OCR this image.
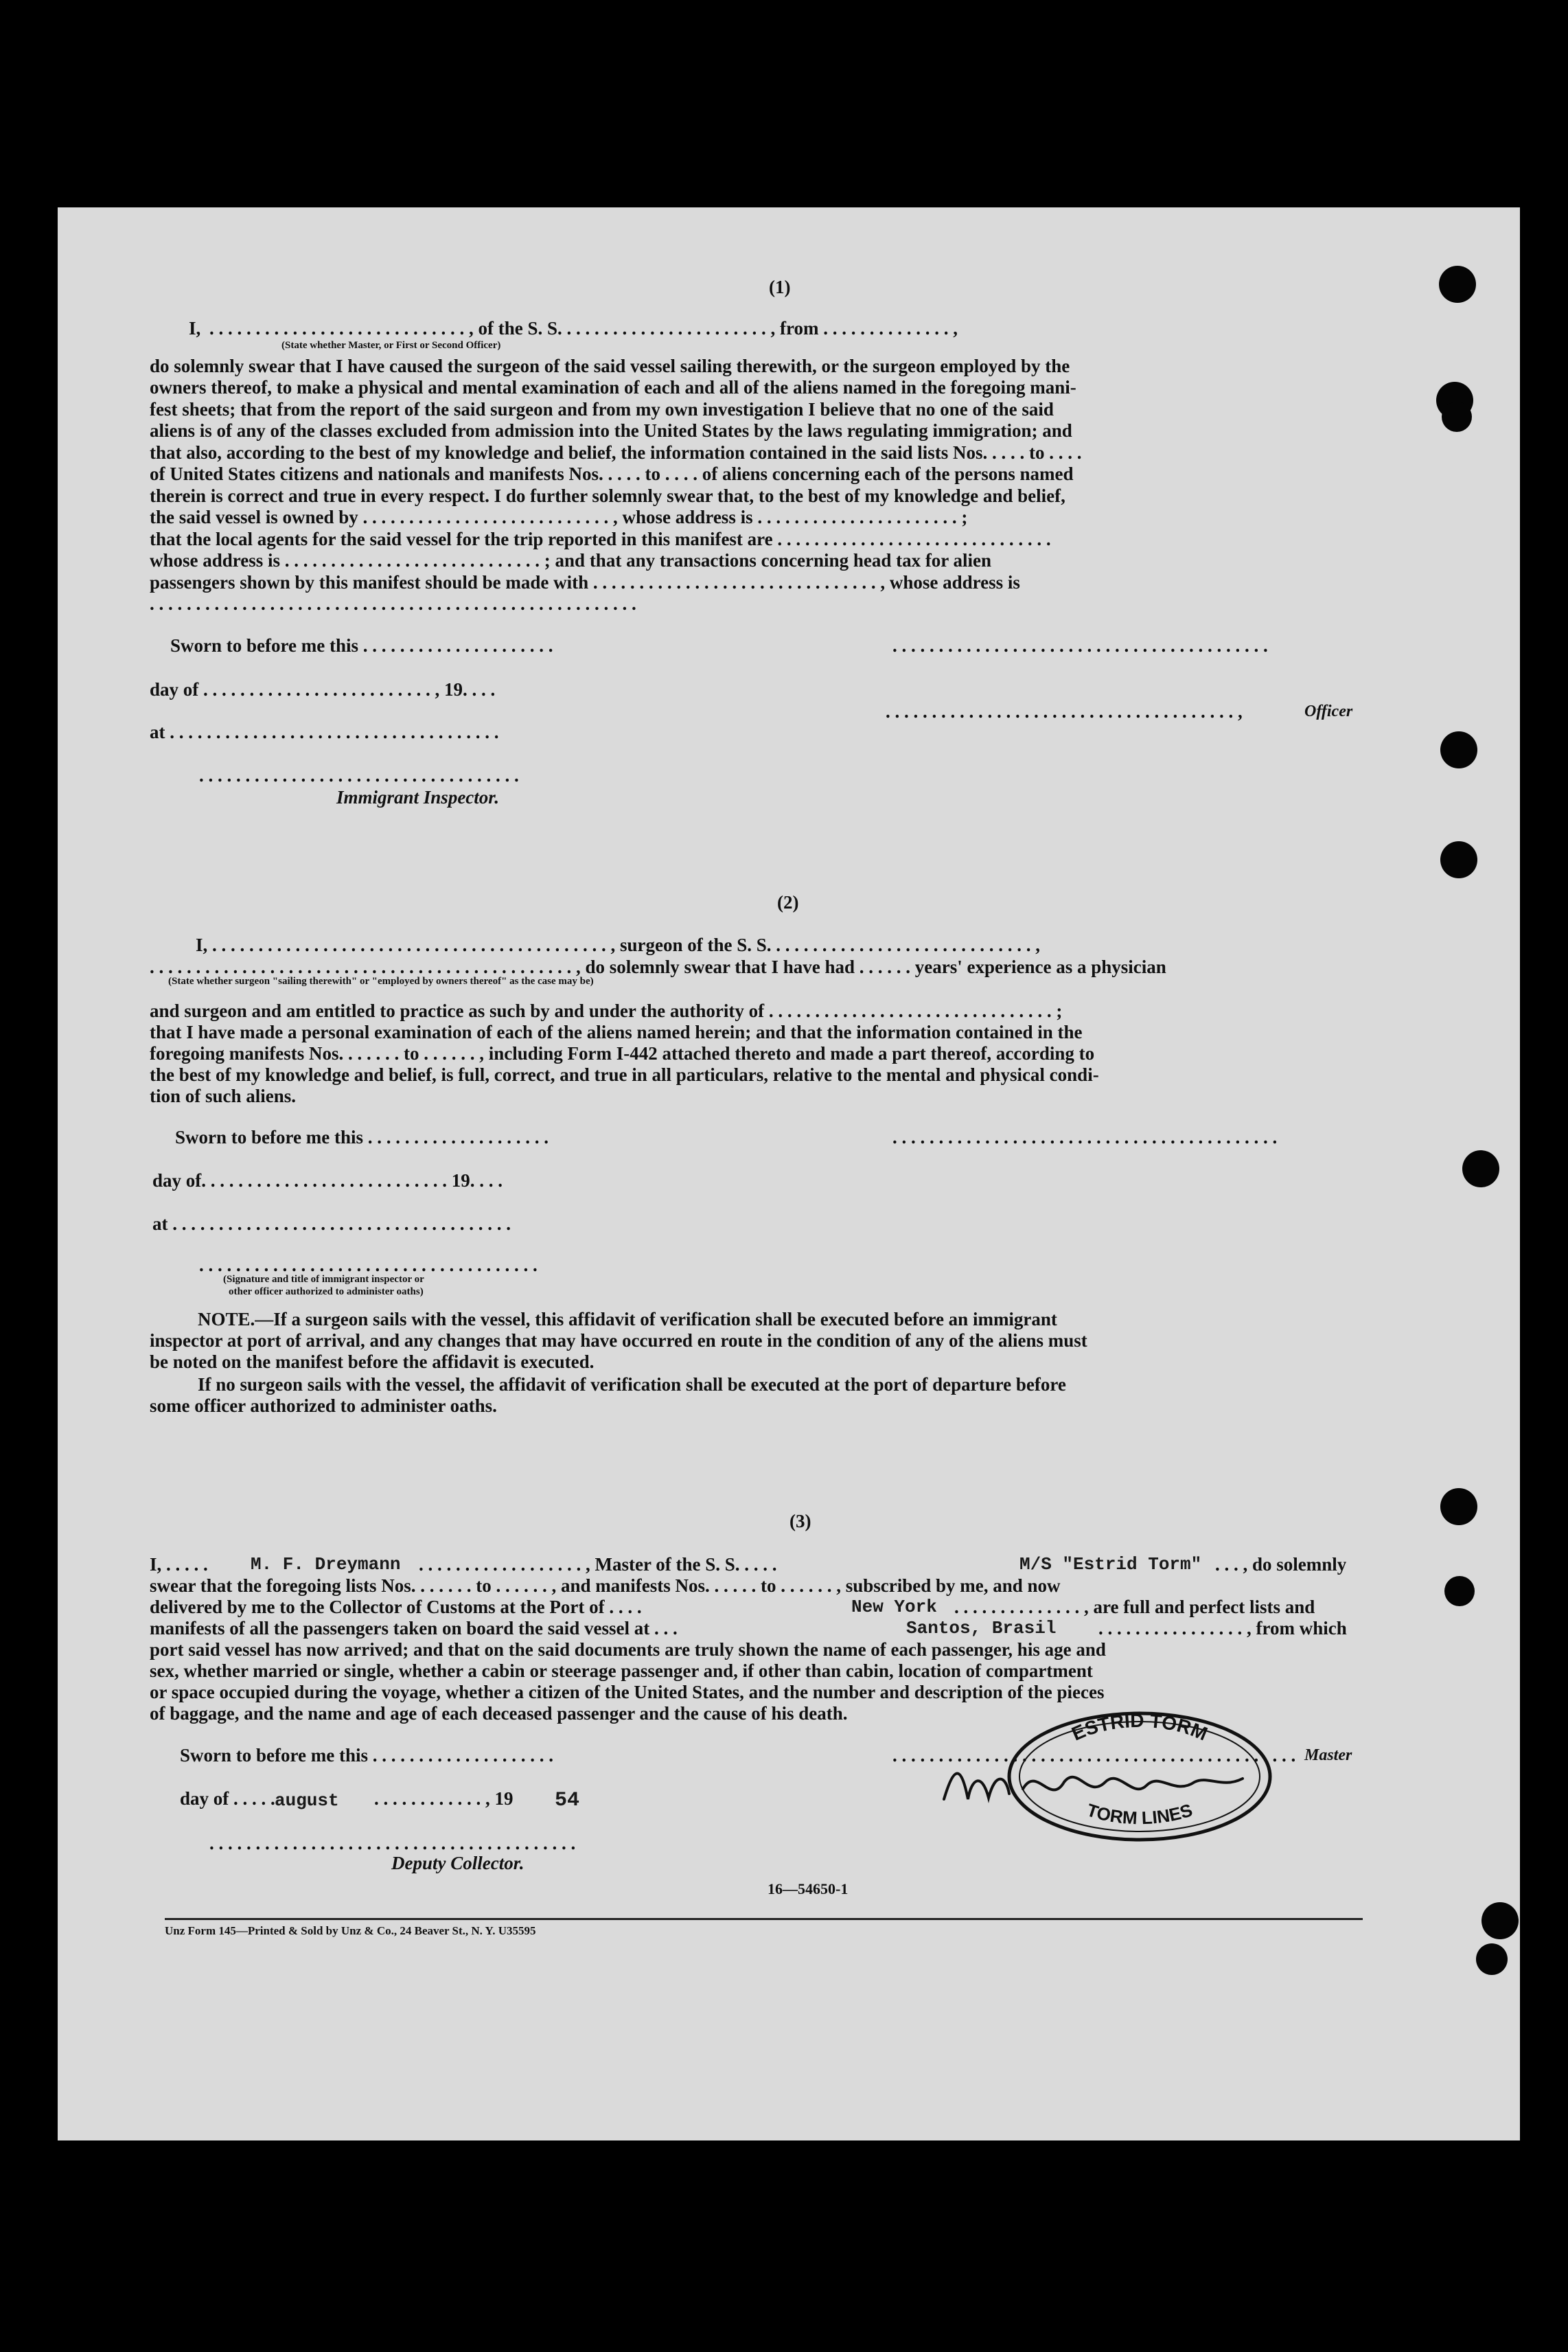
(1)
I, . . . . . . . . . . . . . . . . . . . . . . . . . . . . , of the S. S. . . . . . . . . . . . . . . . . . . . . . . , from . . . . . . . . . . . . . . ,
(State whether Master, or First or Second Officer)
do solemnly swear that I have caused the surgeon of the said vessel sailing therewith, or the surgeon employed by the
owners thereof, to make a physical and mental examination of each and all of the aliens named in the foregoing mani-
fest sheets; that from the report of the said surgeon and from my own investigation I believe that no one of the said
aliens is of any of the classes excluded from admission into the United States by the laws regulating immigration; and
that also, according to the best of my knowledge and belief, the information contained in the said lists Nos. . . . . to . . . .
of United States citizens and nationals and manifests Nos. . . . . to . . . . of aliens concerning each of the persons named
therein is correct and true in every respect. I do further solemnly swear that, to the best of my knowledge and belief,
the said vessel is owned by . . . . . . . . . . . . . . . . . . . . . . . . . . . , whose address is . . . . . . . . . . . . . . . . . . . . . . ;
that the local agents for the said vessel for the trip reported in this manifest are . . . . . . . . . . . . . . . . . . . . . . . . . . . . . .
whose address is . . . . . . . . . . . . . . . . . . . . . . . . . . . . ; and that any transactions concerning head tax for alien
passengers shown by this manifest should be made with . . . . . . . . . . . . . . . . . . . . . . . . . . . . . . . , whose address is
. . . . . . . . . . . . . . . . . . . . . . . . . . . . . . . . . . . . . . . . . . . . . . . . . . . . .
Sworn to before me this . . . . . . . . . . . . . . . . . . . . .	. . . . . . . . . . . . . . . . . . . . . . . . . . . . . . . . . . . . . . . . .
day of . . . . . . . . . . . . . . . . . . . . . . . . . , 19. . . .
. . . . . . . . . . . . . . . . . . . . . . . . . . . . . . . . . . . . . . ,	Officer
at . . . . . . . . . . . . . . . . . . . . . . . . . . . . . . . . . . . .
. . . . . . . . . . . . . . . . . . . . . . . . . . . . . . . . . . .
Immigrant Inspector.
(2)
I, . . . . . . . . . . . . . . . . . . . . . . . . . . . . . . . . . . . . . . . . . . . , surgeon of the S. S. . . . . . . . . . . . . . . . . . . . . . . . . . . . . ,
. . . . . . . . . . . . . . . . . . . . . . . . . . . . . . . . . . . . . . . . . . . . . . , do solemnly swear that I have had . . . . . . years' experience as a physician
(State whether surgeon "sailing therewith" or "employed by owners thereof" as the case may be)
and surgeon and am entitled to practice as such by and under the authority of . . . . . . . . . . . . . . . . . . . . . . . . . . . . . . . ;
that I have made a personal examination of each of the aliens named herein; and that the information contained in the
foregoing manifests Nos. . . . . . . to . . . . . . , including Form I-442 attached thereto and made a part thereof, according to
the best of my knowledge and belief, is full, correct, and true in all particulars, relative to the mental and physical condi-
tion of such aliens.
Sworn to before me this . . . . . . . . . . . . . . . . . . . .	. . . . . . . . . . . . . . . . . . . . . . . . . . . . . . . . . . . . . . . . . .
day of. . . . . . . . . . . . . . . . . . . . . . . . . . . 19. . . .
at . . . . . . . . . . . . . . . . . . . . . . . . . . . . . . . . . . . . .
. . . . . . . . . . . . . . . . . . . . . . . . . . . . . . . . . . . . .
(Signature and title of immigrant inspector or
other officer authorized to administer oaths)
NOTE.—If a surgeon sails with the vessel, this affidavit of verification shall be executed before an immigrant
inspector at port of arrival, and any changes that may have occurred en route in the condition of any of the aliens must
be noted on the manifest before the affidavit is executed.
If no surgeon sails with the vessel, the affidavit of verification shall be executed at the port of departure before
some officer authorized to administer oaths.
(3)
I, . . . . . M. F. Dreymann . . . . . . . . . . . . . . . . . . , Master of the S. S. . . . .	M/S "Estrid Torm" . . . , do solemnly
swear that the foregoing lists Nos. . . . . . . to . . . . . . , and manifests Nos. . . . . . to . . . . . . , subscribed by me, and now
delivered by me to the Collector of Customs at the Port of . . . .	New York . . . . . . . . . . . . . . , are full and perfect lists and
manifests of all the passengers taken on board the said vessel at . . .	Santos, Brasil . . . . . . . . . . . . . . . . , from which
port said vessel has now arrived; and that on the said documents are truly shown the name of each passenger, his age and
sex, whether married or single, whether a cabin or steerage passenger and, if other than cabin, location of compartment
or space occupied during the voyage, whether a citizen of the United States, and the number and description of the pieces
of baggage, and the name and age of each deceased passenger and the cause of his death.
Sworn to before me this . . . . . . . . . . . . . . . . . . . .	. . . . . . . . . . . . . . . . . . . . . . . . . . . . . . . . . . . . . . . . . . . . Master
day of . . . . . august . . . . . . . . . . . . , 19 54
. . . . . . . . . . . . . . . . . . . . . . . . . . . . . . . . . . . . . . . .
Deputy Collector.
ESTRID TORM
TORM LINES
16—54650-1
Unz Form 145—Printed & Sold by Unz & Co., 24 Beaver St., N. Y. U35595
